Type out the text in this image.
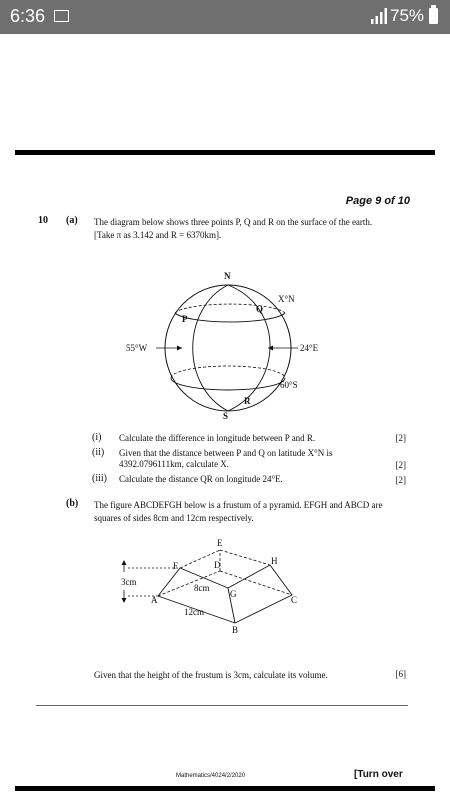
6:36	75%
Page 9 of 10
10 (a) The diagram below shows three points P, Q and R on the surface of the earth.
[Take π as 3.142 and R = 6370km].
N
S
P
Q
R
X°N
60°S
55°W	24°E
(i) Calculate the difference in longitude between P and R.	[2]
(ii) Given that the distance between P and Q on latitude X°N is
4392.0796111km, calculate X.	[2]
(iii) Calculate the distance QR on longitude 24°E.	[2]
(b) The figure ABCDEFGH below is a frustum of a pyramid. EFGH and ABCD are
squares of sides 8cm and 12cm respectively.
E
F
G
H
A
B
C
D
3cm
8cm
12cm
Given that the height of the frustum is 3cm, calculate its volume.	[6]
Mathematics/4024/2/2020	[Turn over
